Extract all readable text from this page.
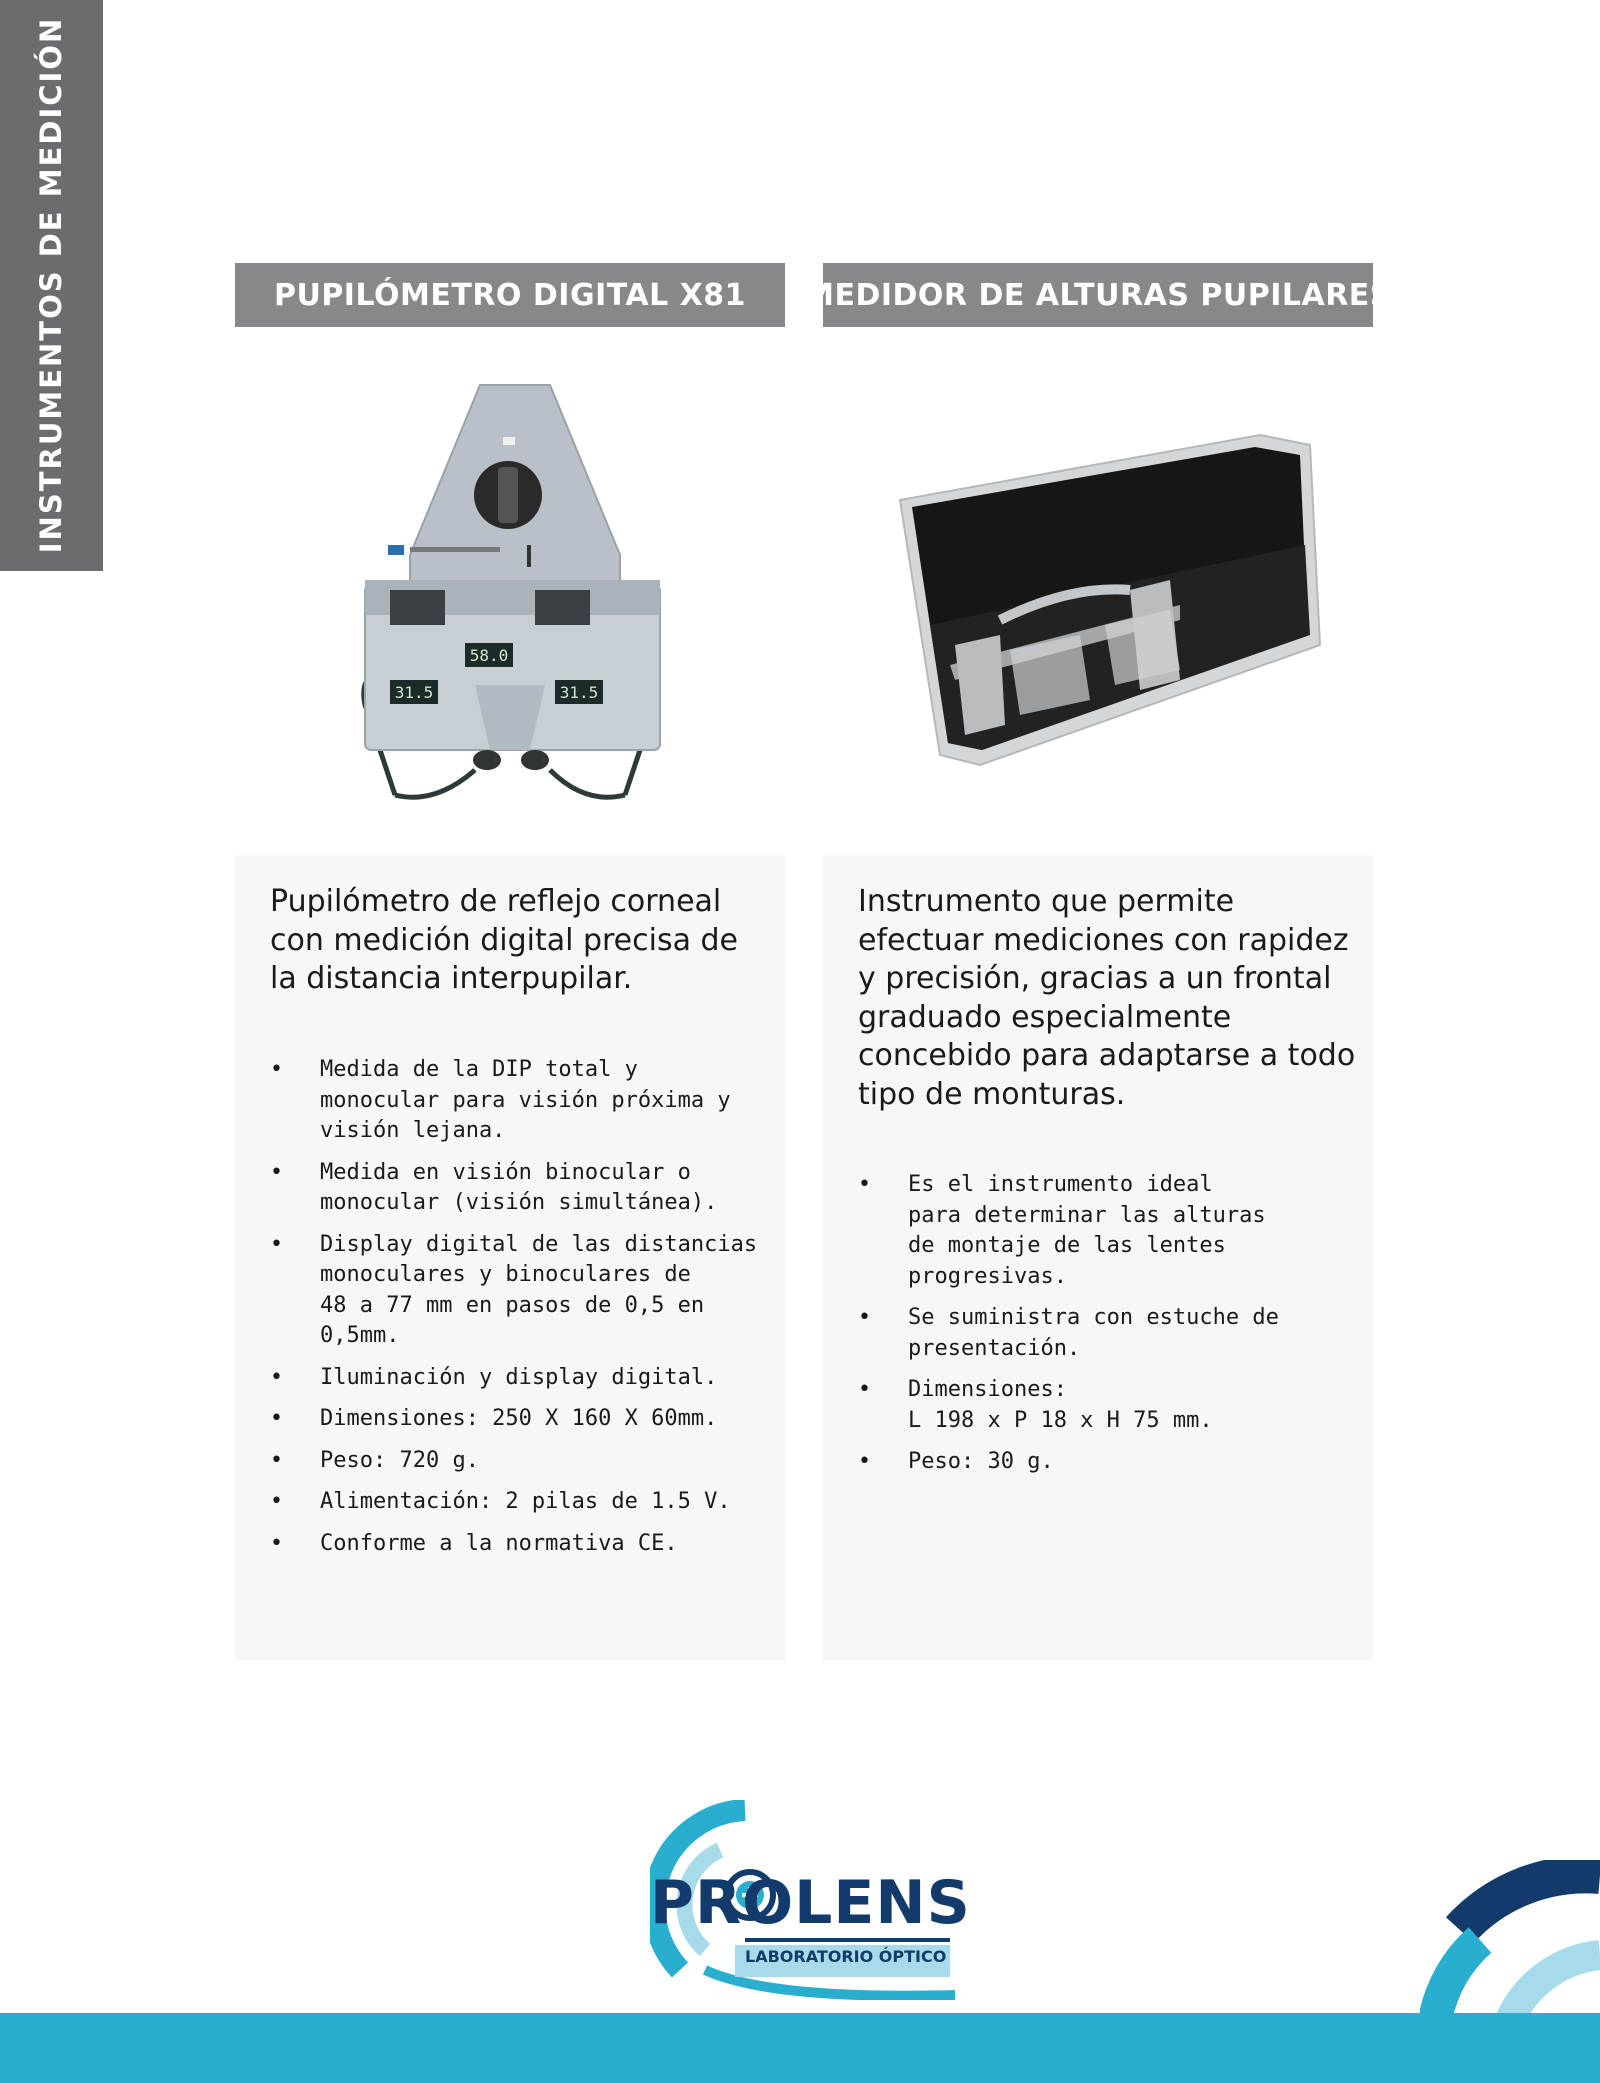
INSTRUMENTOS DE MEDICIÓN	PUPILÓMETRO DIGITAL X81	MEDIDOR DE ALTURAS PUPILARES
58.0
31.5	31.5

Pupilómetro de reflejo corneal con medición digital precisa de la distancia interpupilar.

• Medida de la DIP total y
monocular para visión próxima y
visión lejana.
• Medida en visión binocular o
monocular (visión simultánea).
• Display digital de las distancias
monoculares y binoculares de
48 a 77 mm en pasos de 0,5 en
0,5mm.
• Iluminación y display digital.
• Dimensiones: 250 X 160 X 60mm.
• Peso: 720 g.
• Alimentación: 2 pilas de 1.5 V.
• Conforme a la normativa CE.

Instrumento que permite efectuar mediciones con rapidez y precisión, gracias a un frontal graduado especialmente concebido para adaptarse a todo tipo de monturas.

• Es el instrumento ideal
para determinar las alturas
de montaje de las lentes
progresivas.
• Se suministra con estuche de
presentación.
• Dimensiones:
L 198 x P 18 x H 75 mm.
• Peso: 30 g.
PROLENS
LABORATORIO ÓPTICO
